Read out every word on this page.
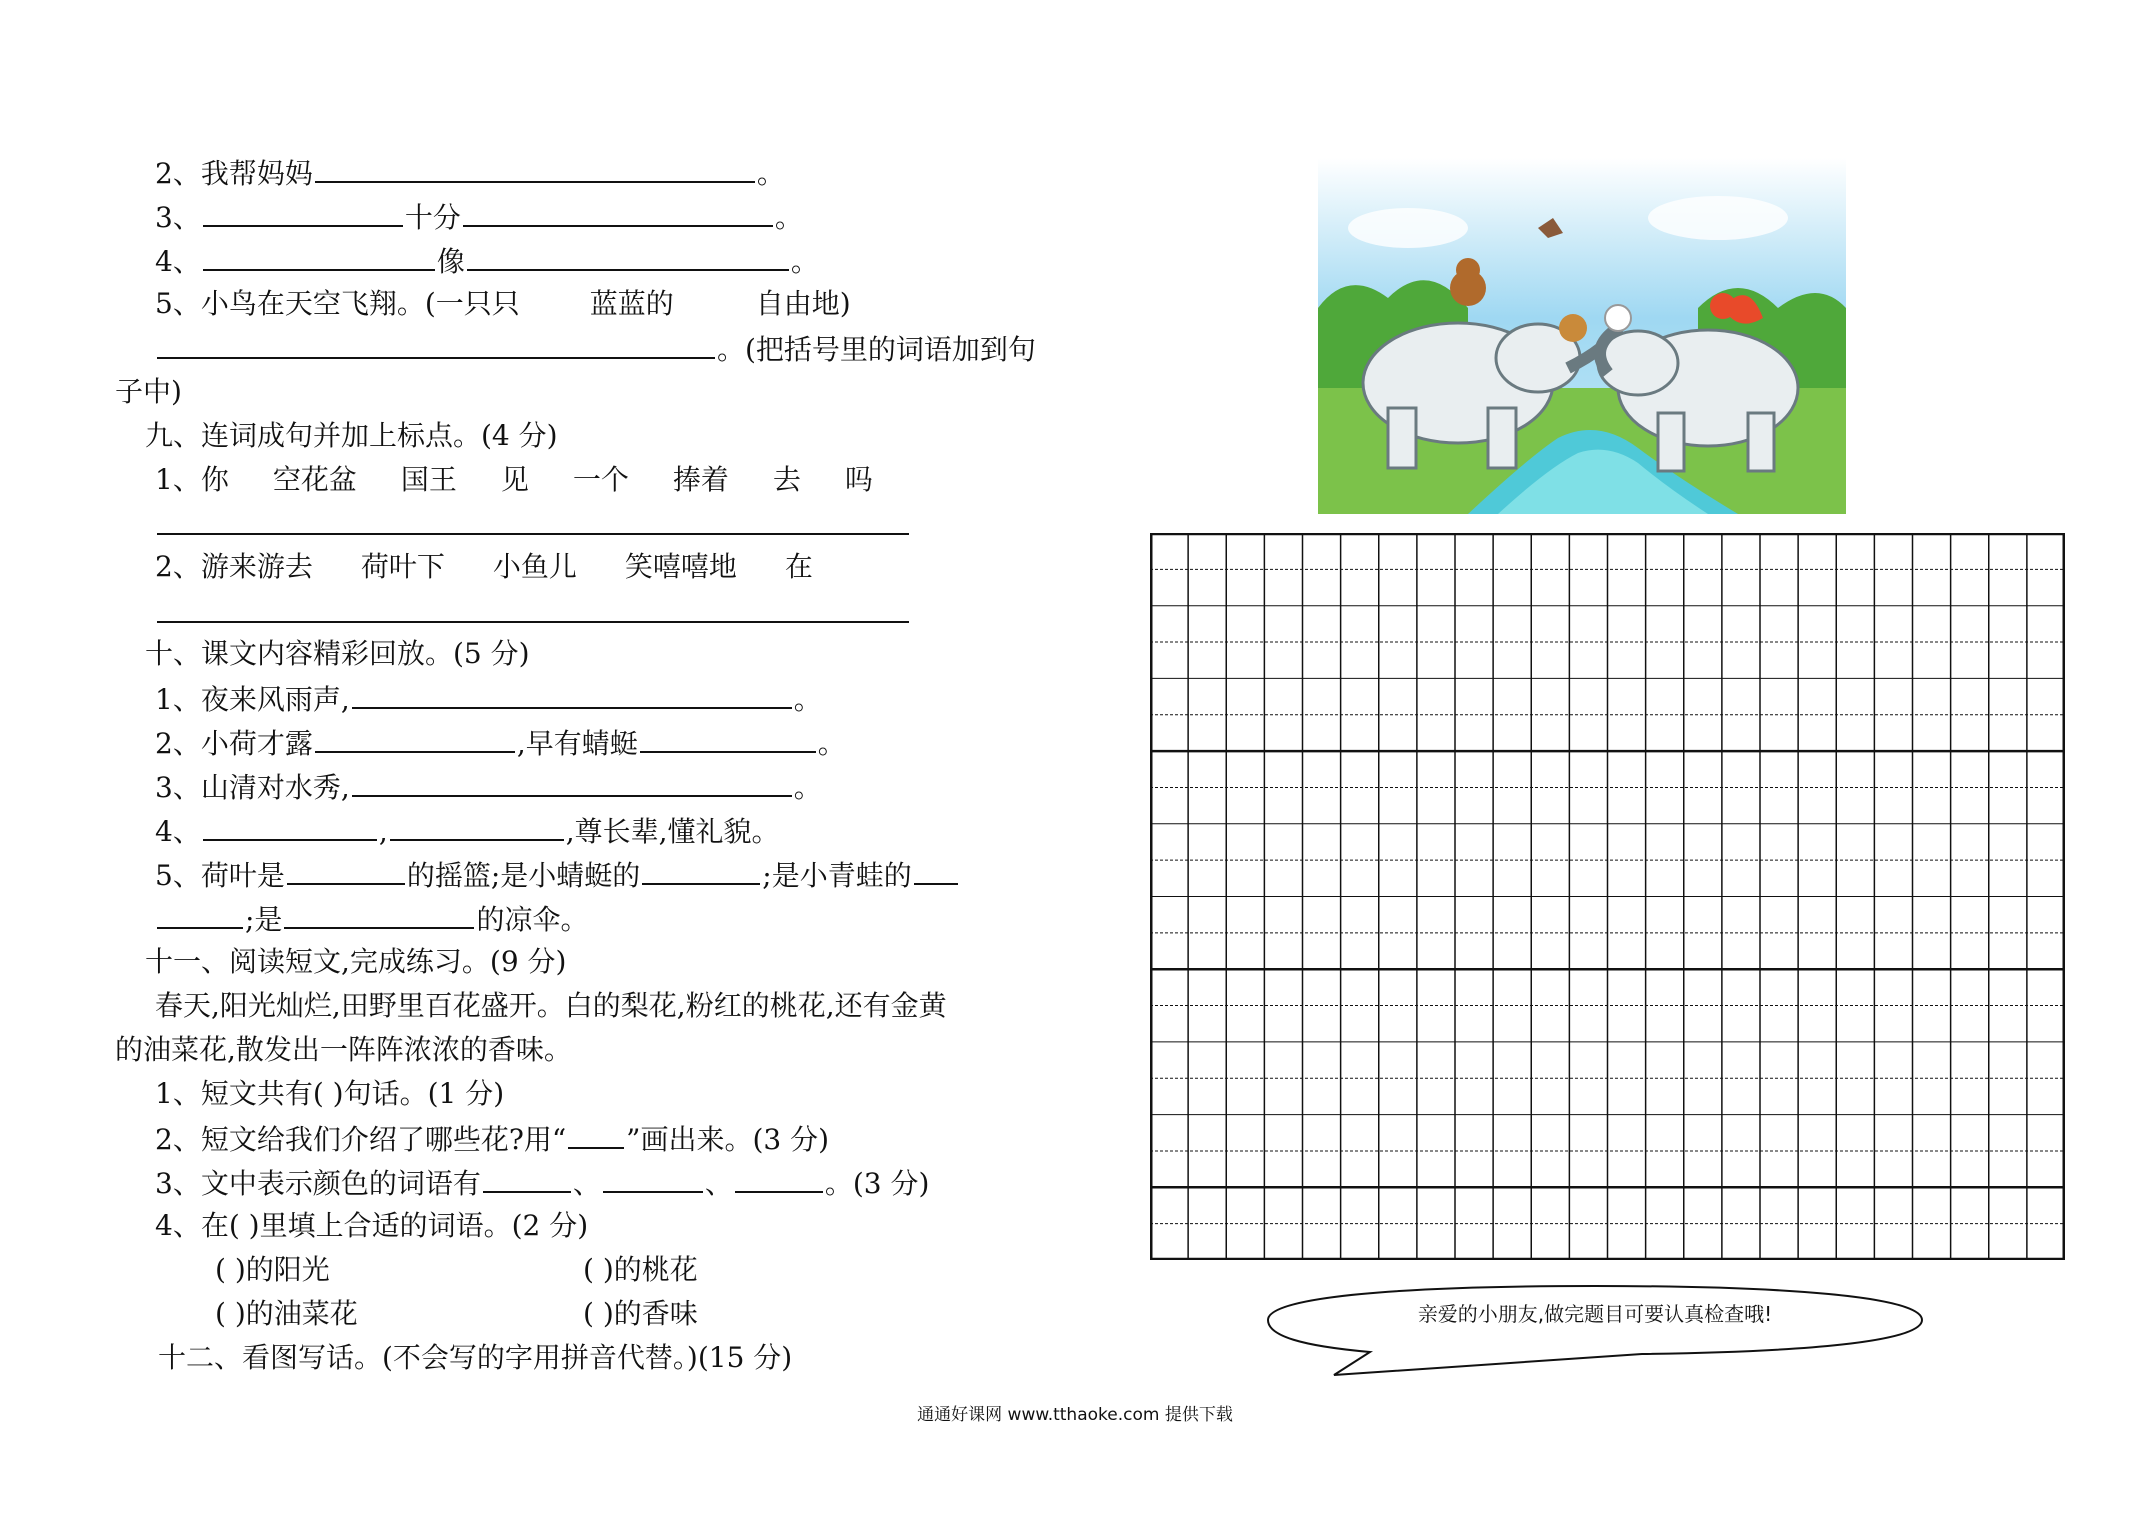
2、我帮妈妈	。
3、	十分	。
4、	像	。
5、小鸟在天空飞翔。(一只只	蓝蓝的	自由地)
。(把括号里的词语加到句
子中)
九、连词成句并加上标点。(4 分)
1、你 空花盆 国王 见 一个 捧着 去 吗
2、游来游去 荷叶下 小鱼儿 笑嘻嘻地 在
十、课文内容精彩回放。(5 分)
1、夜来风雨声,	。
2、小荷才露	,早有蜻蜓	。
3、山清对水秀,	。
4、	,	,尊长辈,懂礼貌。
5、荷叶是	的摇篮;是小蜻蜓的	;是小青蛙的
;是	的凉伞。
十一、阅读短文,完成练习。(9 分)
春天,阳光灿烂,田野里百花盛开。白的梨花,粉红的桃花,还有金黄
的油菜花,散发出一阵阵浓浓的香味。
1、短文共有( )句话。(1 分)
2、短文给我们介绍了哪些花?用“ ”画出来。(3 分)
3、文中表示颜色的词语有	、	、	。(3 分)
4、在( )里填上合适的词语。(2 分)
( )的阳光	( )的桃花
( )的油菜花	( )的香味
十二、看图写话。(不会写的字用拼音代替。)(15 分)
亲爱的小朋友,做完题目可要认真检查哦!
通通好课网 www.tthaoke.com 提供下载
